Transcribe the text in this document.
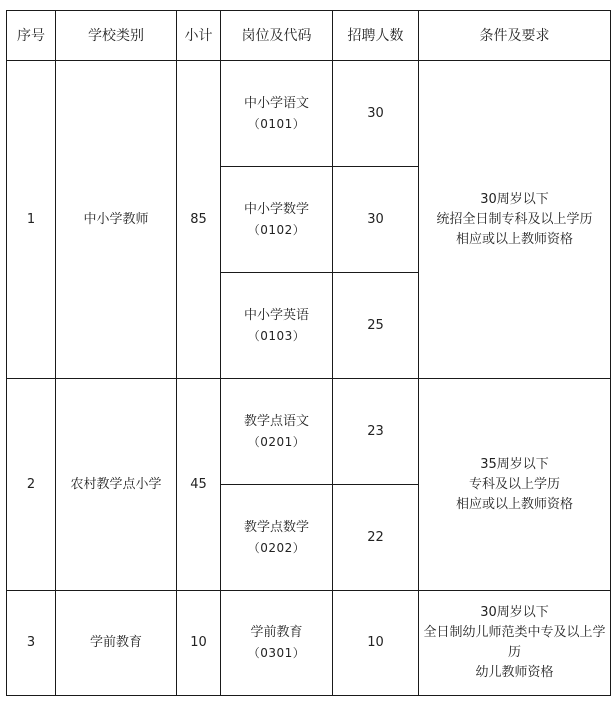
序号	学校类别	小计	岗位及代码	招聘人数	条件及要求
1	中小学教师	85	中小学语文
（0101）	30	30周岁以下
统招全日制专科及以上学历
相应或以上教师资格

			中小学数学
（0102）	30	

			中小学英语
（0103）	25	
2	农村教学点小学	45	教学点语文
（0201）	23	35周岁以下
专科及以上学历
相应或以上教师资格

			教学点数学
（0202）	22	
3	学前教育	10	学前教育
（0301）	10	30周岁以下
全日制幼儿师范类中专及以上学历
幼儿教师资格
